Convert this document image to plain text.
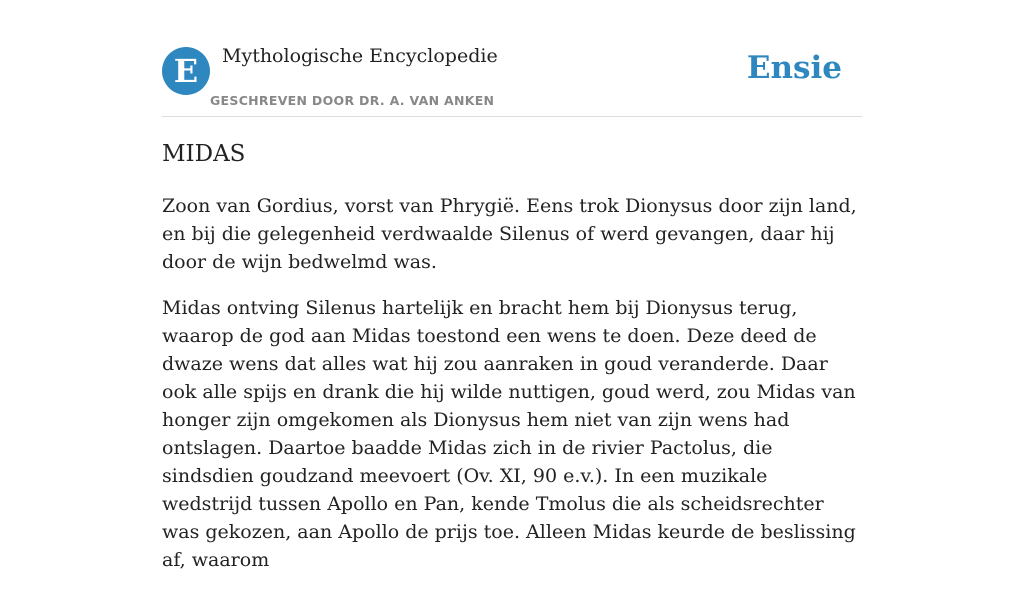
E	Mythologische Encyclopedie
GESCHREVEN DOOR DR. A. VAN ANKEN
Ensie
MIDAS

Zoon van Gordius, vorst van Phrygië. Eens trok Dionysus door zijn land, en bij die gelegenheid verdwaalde Silenus of werd gevangen, daar hij door de wijn bedwelmd was.

Midas ontving Silenus hartelijk en bracht hem bij Dionysus terug, waarop de god aan Midas toestond een wens te doen. Deze deed de dwaze wens dat alles wat hij zou aanraken in goud veranderde. Daar ook alle spijs en drank die hij wilde nuttigen, goud werd, zou Midas van honger zijn omgekomen als Dionysus hem niet van zijn wens had ontslagen. Daartoe baadde Midas zich in de rivier Pactolus, die sindsdien goudzand meevoert (Ov. XI, 90 e.v.). In een muzikale wedstrijd tussen Apollo en Pan, kende Tmolus die als scheidsrechter was gekozen, aan Apollo de prijs toe. Alleen Midas keurde de beslissing af, waarom
